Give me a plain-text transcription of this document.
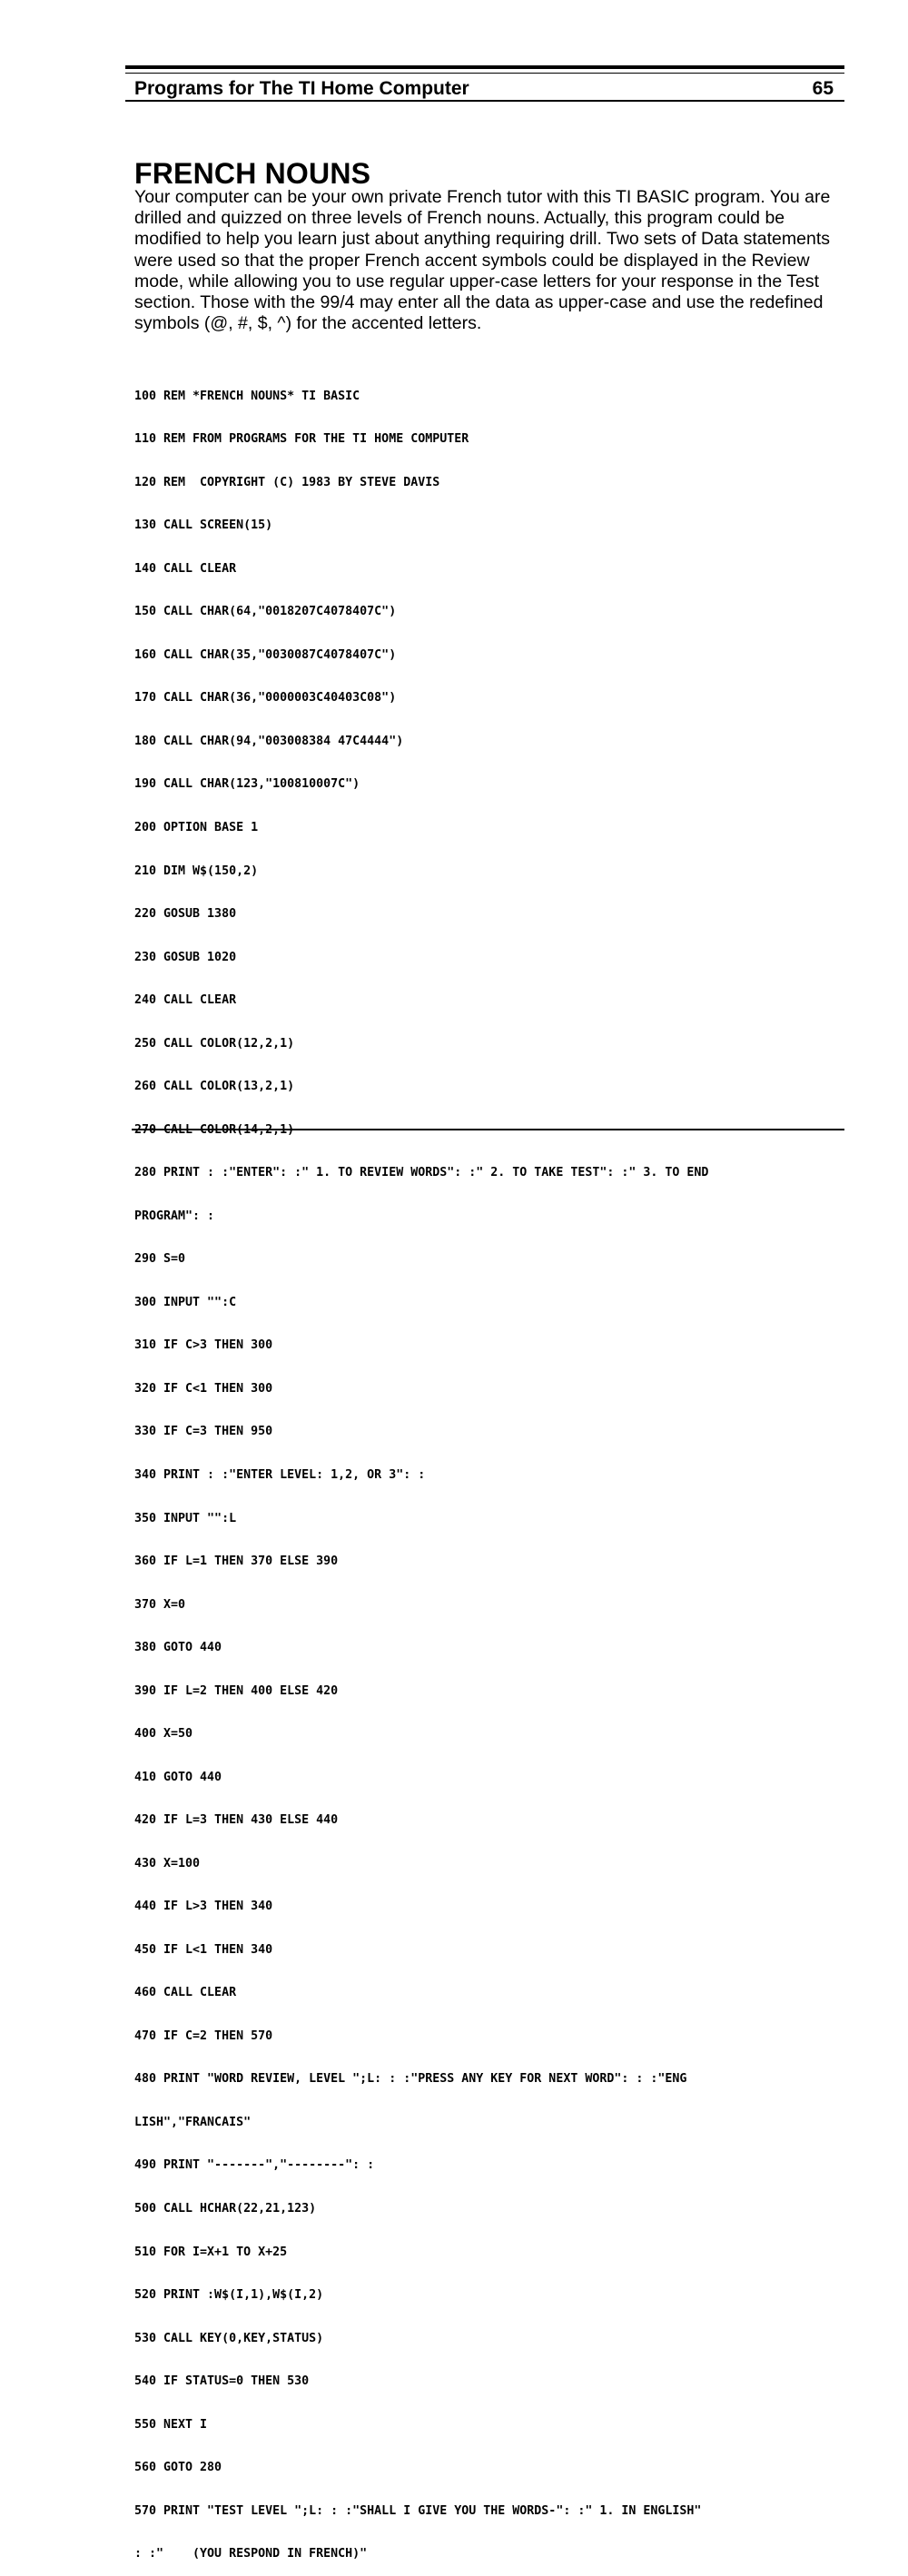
Programs for The TI Home Computer	65
FRENCH NOUNS

Your computer can be your own private French tutor with this TI BASIC program. You are drilled and quizzed on three levels of French nouns. Actually, this program could be modified to help you learn just about anything requiring drill. Two sets of Data statements were used so that the proper French accent symbols could be displayed in the Review mode, while allowing you to use regular upper-case letters for your response in the Test section. Those with the 99/4 may enter all the data as upper-case and use the redefined symbols (@, #, $, ^) for the accented letters.

100 REM *FRENCH NOUNS* TI BASIC

110 REM FROM PROGRAMS FOR THE TI HOME COMPUTER

120 REM  COPYRIGHT (C) 1983 BY STEVE DAVIS

130 CALL SCREEN(15)

140 CALL CLEAR

150 CALL CHAR(64,"0018207C4078407C")

160 CALL CHAR(35,"0030087C4078407C")

170 CALL CHAR(36,"0000003C40403C08")

180 CALL CHAR(94,"003008384 47C4444")

190 CALL CHAR(123,"100810007C")

200 OPTION BASE 1

210 DIM W$(150,2)

220 GOSUB 1380

230 GOSUB 1020

240 CALL CLEAR

250 CALL COLOR(12,2,1)

260 CALL COLOR(13,2,1)

280 PRINT : :"ENTER": :" 1. TO REVIEW WORDS": :" 2. TO TAKE TEST": :" 3. TO END

PROGRAM": :

290 S=0

300 INPUT "":C

310 IF C>3 THEN 300

320 IF C<1 THEN 300

330 IF C=3 THEN 950

340 PRINT : :"ENTER LEVEL: 1,2, OR 3": :

350 INPUT "":L

360 IF L=1 THEN 370 ELSE 390

370 X=0

380 GOTO 440

390 IF L=2 THEN 400 ELSE 420

400 X=50

410 GOTO 440

420 IF L=3 THEN 430 ELSE 440

430 X=100

440 IF L>3 THEN 340

450 IF L<1 THEN 340

460 CALL CLEAR

470 IF C=2 THEN 570

480 PRINT "WORD REVIEW, LEVEL ";L: : :"PRESS ANY KEY FOR NEXT WORD": : :"ENG

LISH","FRANCAIS"

490 PRINT "-------","--------": :

500 CALL HCHAR(22,21,123)

510 FOR I=X+1 TO X+25

520 PRINT :W$(I,1),W$(I,2)

530 CALL KEY(0,KEY,STATUS)

540 IF STATUS=0 THEN 530

550 NEXT I

560 GOTO 280

570 PRINT "TEST LEVEL ";L: : :"SHALL I GIVE YOU THE WORDS-": :" 1. IN ENGLISH"

: :"    (YOU RESPOND IN FRENCH)"
